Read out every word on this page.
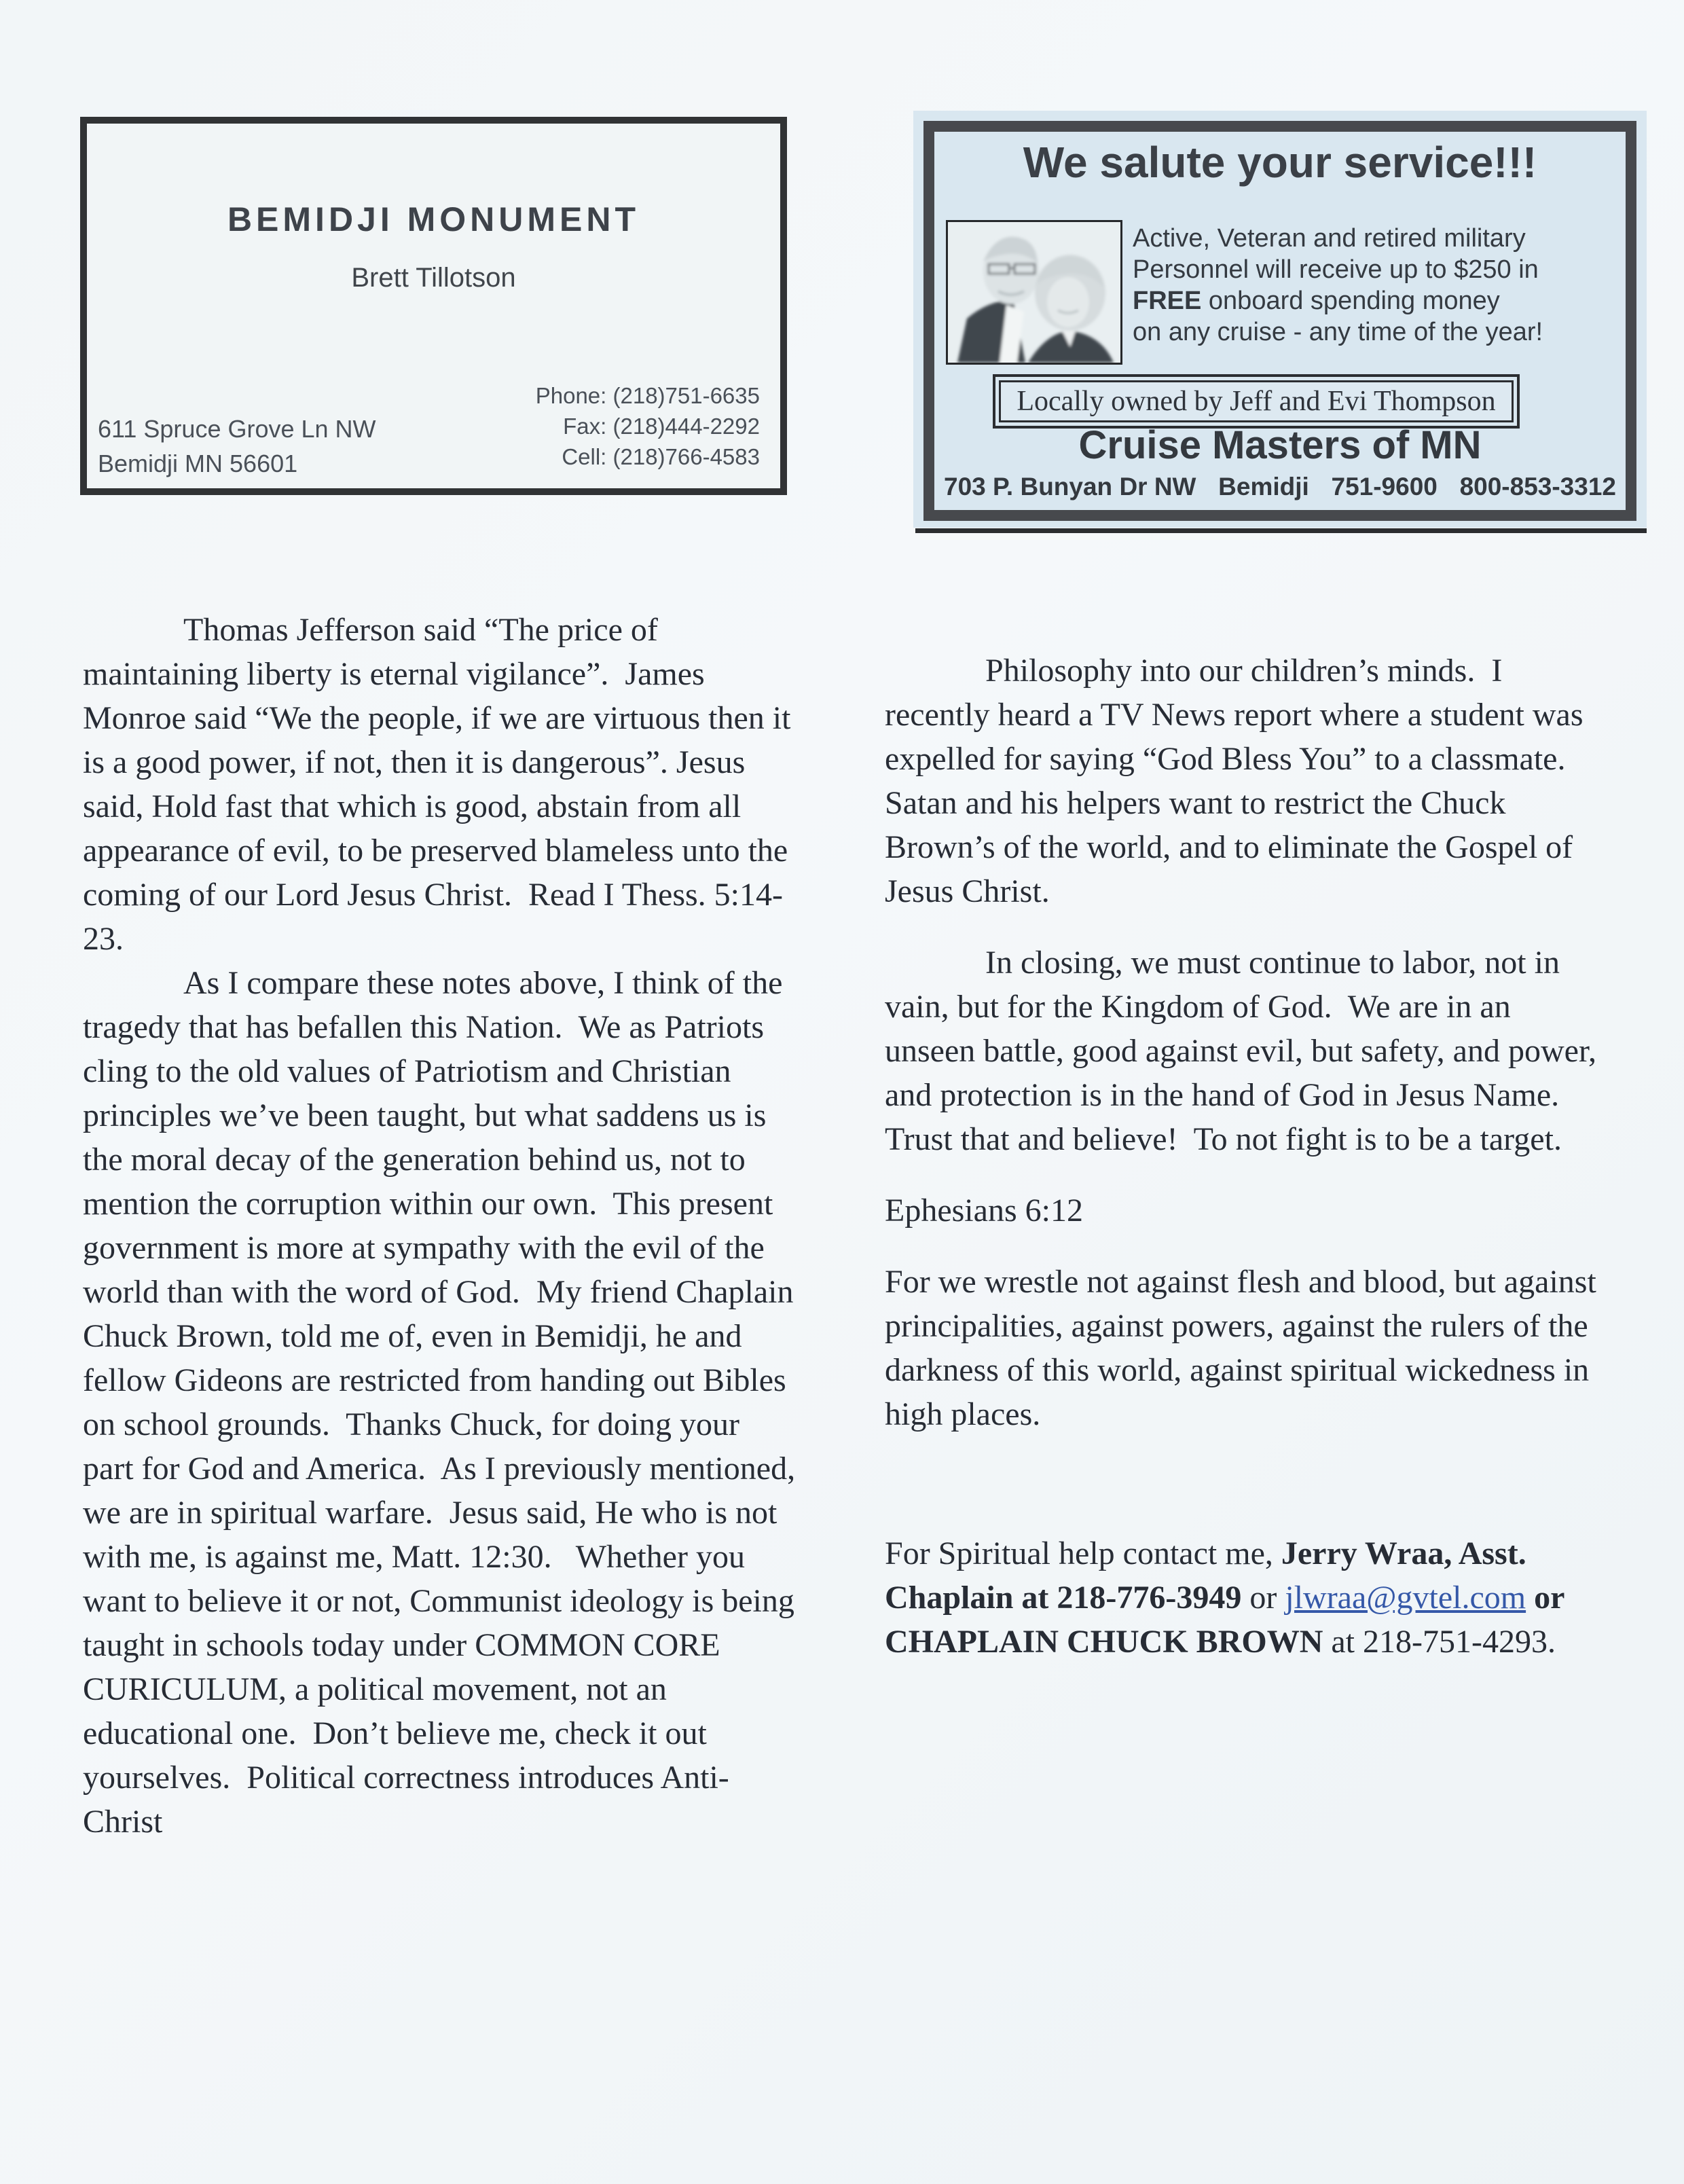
BEMIDJI MONUMENT
Brett Tillotson
Phone: (218)751-6635
Fax: (218)444-2292
Cell: (218)766-4583
611 Spruce Grove Ln NW
Bemidji MN 56601
We salute your service!!!
Active, Veteran and retired military
Personnel will receive up to $250 in
FREE onboard spending money
on any cruise - any time of the year!
Locally owned by Jeff and Evi Thompson
Cruise Masters of MN
703 P. Bunyan Dr NW Bemidji 751-9600 800-853-3312

Thomas Jefferson said “The price of maintaining liberty is eternal vigilance”.  James Monroe said “We the people, if we are virtuous then it is a good power, if not, then it is dangerous”. Jesus said, Hold fast that which is good, abstain from all appearance of evil, to be preserved blameless unto the coming of our Lord Jesus Christ.  Read I Thess. 5:14-23.

As I compare these notes above, I think of the tragedy that has befallen this Nation.  We as Patriots cling to the old values of Patriotism and Christian principles we’ve been taught, but what saddens us is the moral decay of the generation behind us, not to mention the corruption within our own.  This present government is more at sympathy with the evil of the world than with the word of God.  My friend Chaplain Chuck Brown, told me of, even in Bemidji, he and fellow Gideons are restricted from handing out Bibles on school grounds.  Thanks Chuck, for doing your part for God and America.  As I previously mentioned, we are in spiritual warfare.  Jesus said, He who is not with me, is against me, Matt. 12:30.   Whether you want to believe it or not, Communist ideology is being taught in schools today under COMMON CORE CURICULUM, a political movement, not an educational one.  Don’t believe me, check it out yourselves.  Political correctness introduces Anti-Christ

Philosophy into our children’s minds.  I recently heard a TV News report where a student was expelled for saying “God Bless You” to a classmate.  Satan and his helpers want to restrict the Chuck Brown’s of the world, and to eliminate the Gospel of Jesus Christ.

In closing, we must continue to labor, not in vain, but for the Kingdom of God.  We are in an unseen battle, good against evil, but safety, and power, and protection is in the hand of God in Jesus Name.  Trust that and believe!  To not fight is to be a target.

Ephesians 6:12

For we wrestle not against flesh and blood, but against principalities, against powers, against the rulers of the darkness of this world, against spiritual wickedness in high places.

For Spiritual help contact me, Jerry Wraa, Asst. Chaplain at 218-776-3949 or jlwraa@gvtel.com or CHAPLAIN CHUCK BROWN at 218-751-4293.
